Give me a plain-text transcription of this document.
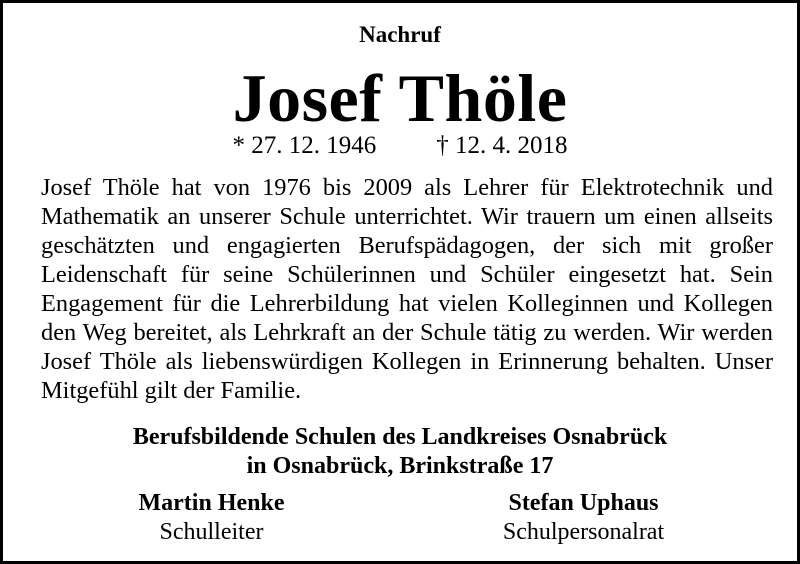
Nachruf
Josef Thöle
* 27. 12. 1946 † 12. 4. 2018
Josef Thöle hat von 1976 bis 2009 als Lehrer für Elektrotechnik und Mathematik an unserer Schule unterrichtet. Wir trauern um einen allseits geschätzten und engagierten Berufspädagogen, der sich mit großer Leidenschaft für seine Schülerinnen und Schüler eingesetzt hat. Sein Engagement für die Lehrerbildung hat vielen Kolleginnen und Kollegen den Weg bereitet, als Lehrkraft an der Schule tätig zu werden. Wir werden Josef Thöle als liebenswürdigen Kollegen in Erinnerung behalten. Unser Mitgefühl gilt der Familie.
Berufsbildende Schulen des Landkreises Osnabrück
in Osnabrück, Brinkstraße 17
Martin Henke
Schulleiter
Stefan Uphaus
Schulpersonalrat
